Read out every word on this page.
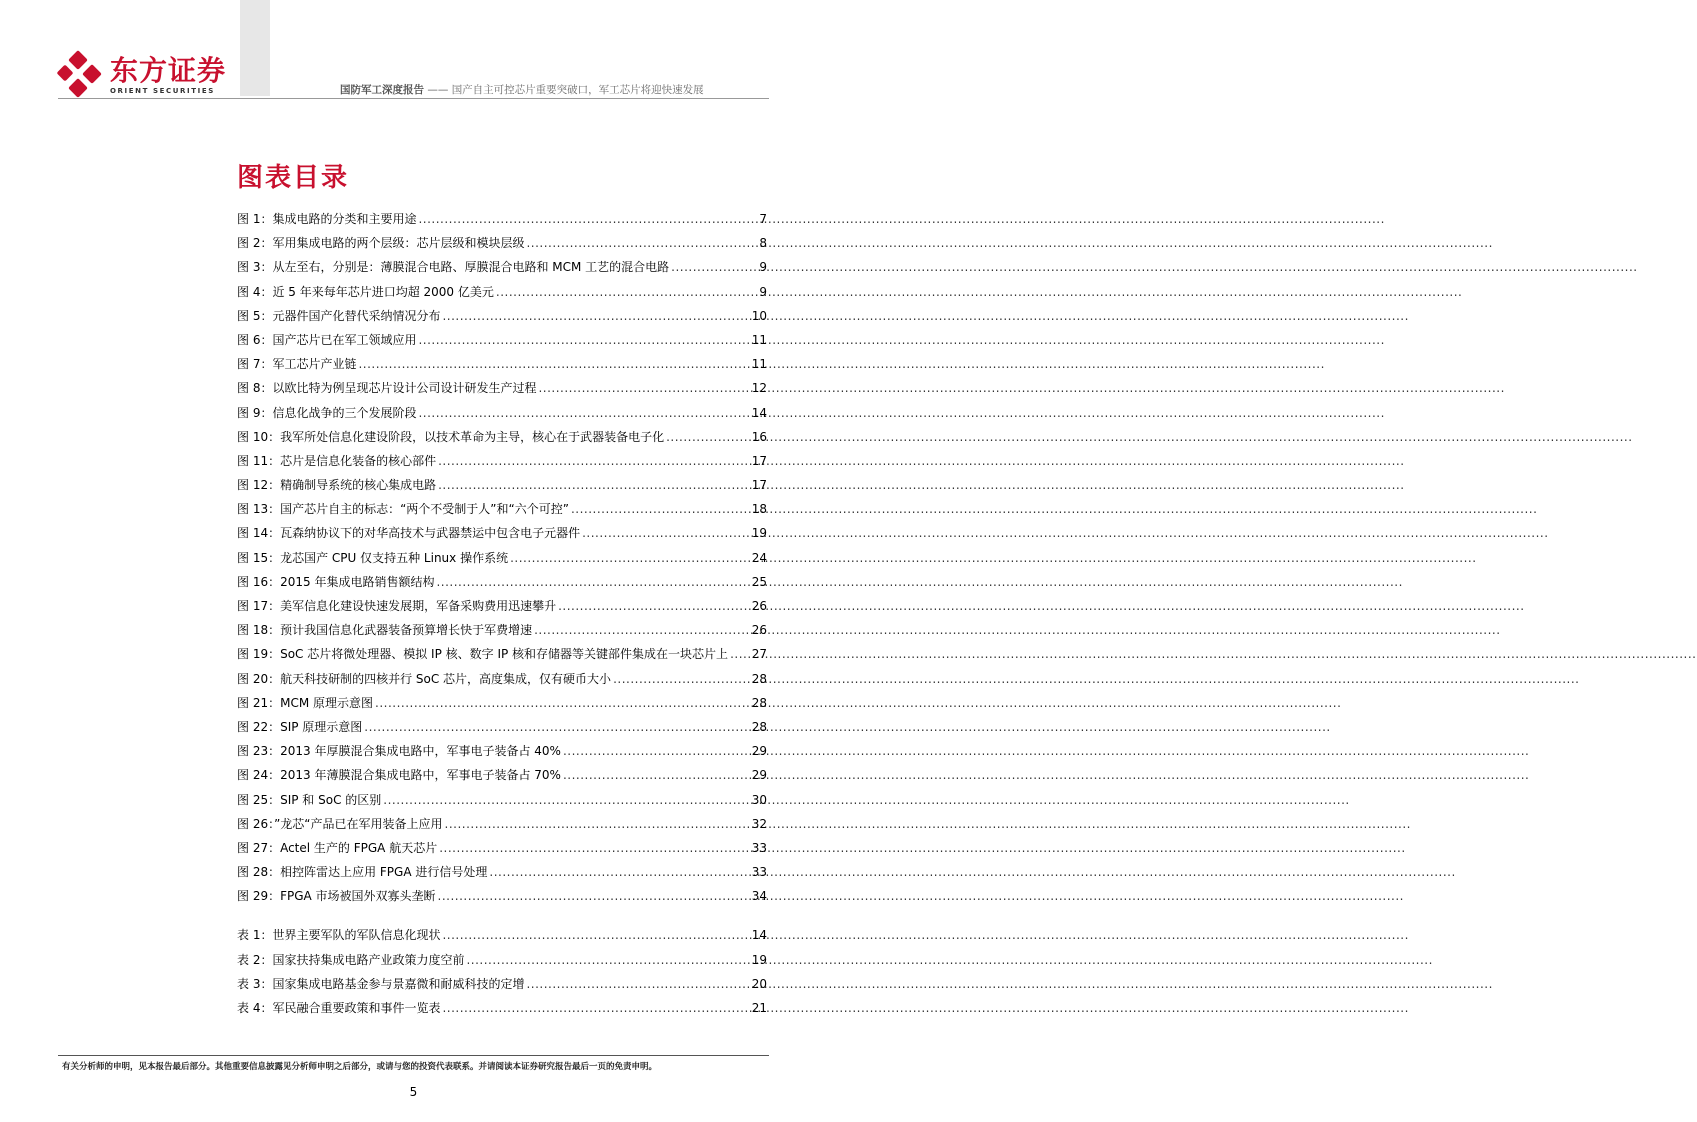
东方证券
ORIENT SECURITIES	国防军工深度报告 —— 国产自主可控芯片重要突破口，军工芯片将迎快速发展
图表目录
图 1：集成电路的分类和主要用途 .....	7
图 2：军用集成电路的两个层级：芯片层级和模块层级 .....	8
图 3：从左至右，分别是：薄膜混合电路、厚膜混合电路和 MCM 工艺的混合电路 .....	9
图 4：近 5 年来每年芯片进口均超 2000 亿美元 .....	9
图 5：元器件国产化替代采纳情况分布 .....	10
图 6：国产芯片已在军工领域应用 .....	11
图 7：军工芯片产业链 .....	11
图 8：以欧比特为例呈现芯片设计公司设计研发生产过程 .....	12
图 9：信息化战争的三个发展阶段 .....	14
图 10：我军所处信息化建设阶段，以技术革命为主导，核心在于武器装备电子化 .....	16
图 11：芯片是信息化装备的核心部件 .....	17
图 12：精确制导系统的核心集成电路 .....	17
图 13：国产芯片自主的标志：“两个不受制于人”和“六个可控” .....	18
图 14：瓦森纳协议下的对华高技术与武器禁运中包含电子元器件 .....	19
图 15：龙芯国产 CPU 仅支持五种 Linux 操作系统 .....	24
图 16：2015 年集成电路销售额结构 .....	25
图 17：美军信息化建设快速发展期，军备采购费用迅速攀升 .....	26
图 18：预计我国信息化武器装备预算增长快于军费增速 .....	26
图 19：SoC 芯片将微处理器、模拟 IP 核、数字 IP 核和存储器等关键部件集成在一块芯片上 ..... 27
图 20：航天科技研制的四核并行 SoC 芯片，高度集成，仅有硬币大小 .....	28
图 21：MCM 原理示意图 .....	28
图 22：SIP 原理示意图 .....	28
图 23：2013 年厚膜混合集成电路中，军事电子装备占 40% .....	29
图 24：2013 年薄膜混合集成电路中，军事电子装备占 70% .....	29
图 25：SIP 和 SoC 的区别 .....	30
图 26：”龙芯“产品已在军用装备上应用 .....	32
图 27：Actel 生产的 FPGA 航天芯片 .....	33
图 28：相控阵雷达上应用 FPGA 进行信号处理 .....	33
图 29：FPGA 市场被国外双寡头垄断 .....	34
表 1：世界主要军队的军队信息化现状 .....	14
表 2：国家扶持集成电路产业政策力度空前 .....	19
表 3：国家集成电路基金参与景嘉微和耐威科技的定增 .....	20
表 4：军民融合重要政策和事件一览表 .....	21
有关分析师的申明，见本报告最后部分。其他重要信息披露见分析师申明之后部分，或请与您的投资代表联系。并请阅读本证券研究报告最后一页的免责申明。
5
